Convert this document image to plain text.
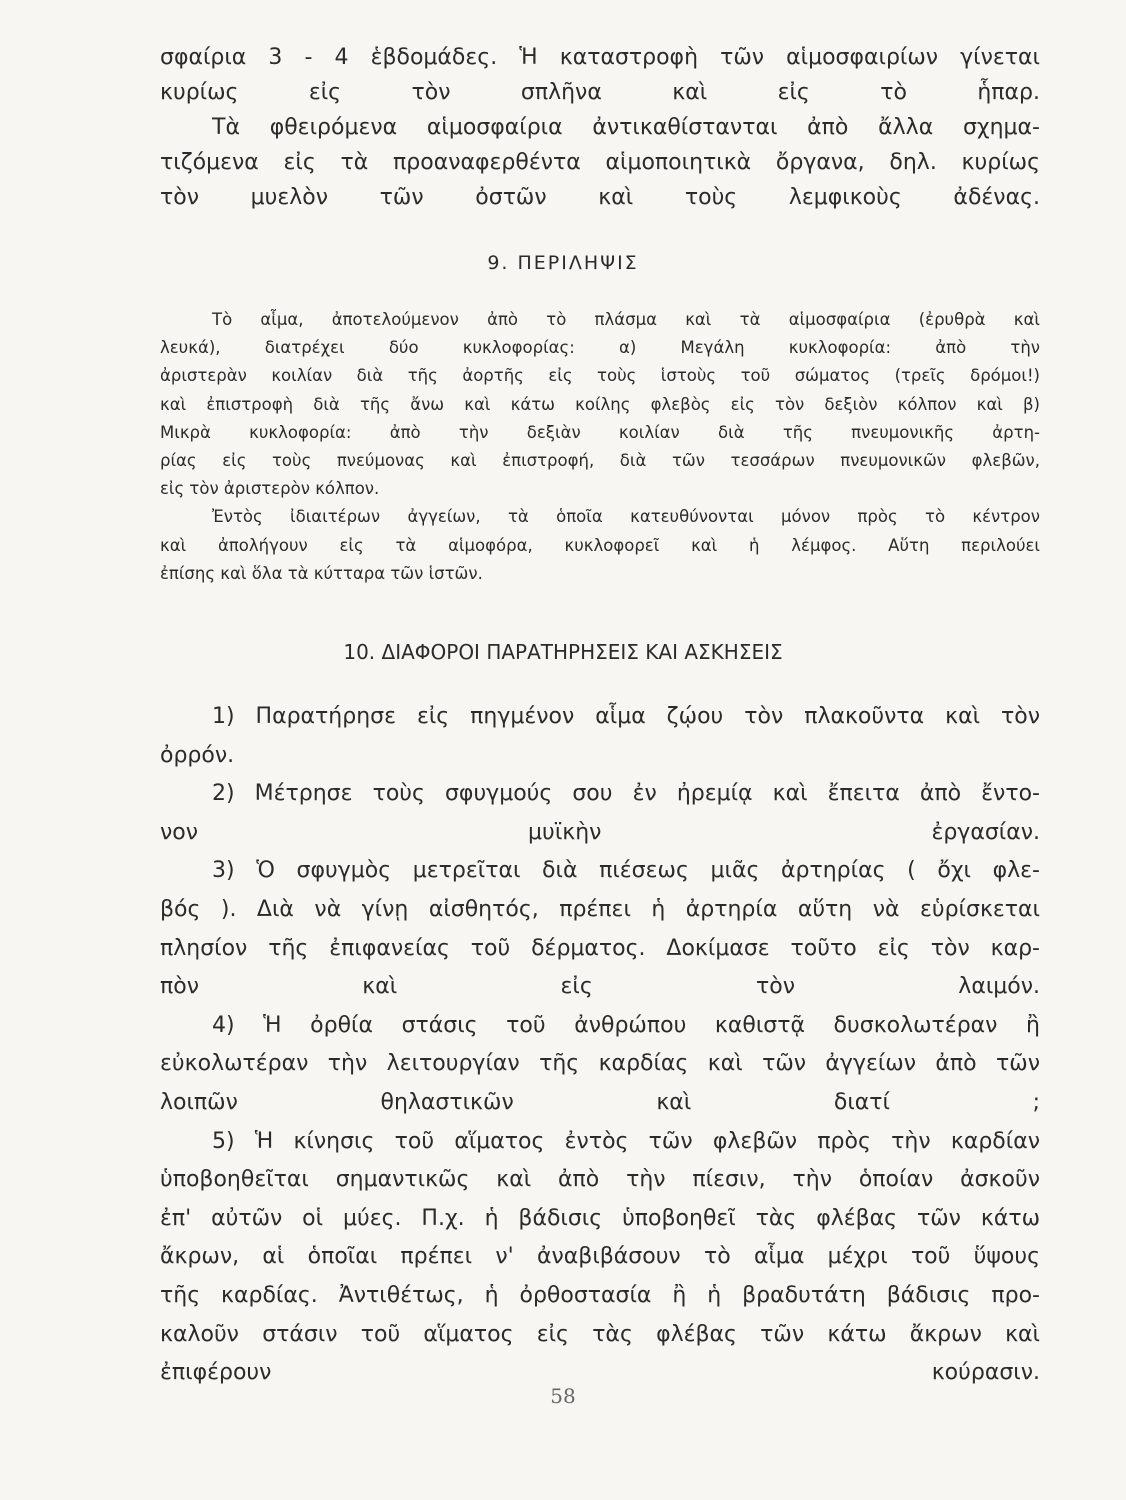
σφαίρια 3 - 4 ἑβδομάδες. Ἡ καταστροφὴ τῶν αἱμοσφαιρίων γίνεται
κυρίως εἰς τὸν σπλῆνα καὶ εἰς τὸ ἧπαρ.
Τὰ φθειρόμενα αἱμοσφαίρια ἀντικαθίστανται ἀπὸ ἄλλα σχημα-
τιζόμενα εἰς τὰ προαναφερθέντα αἱμοποιητικὰ ὄργανα, δηλ. κυρίως
τὸν μυελὸν τῶν ὀστῶν καὶ τοὺς λεμφικοὺς ἀδένας.
9. ΠΕΡΙΛΗΨΙΣ
Τὸ αἷμα, ἀποτελούμενον ἀπὸ τὸ πλάσμα καὶ τὰ αἱμοσφαίρια (ἐρυθρὰ καὶ
λευκά), διατρέχει δύο κυκλοφορίας: α) Μεγάλη κυκλοφορία: ἀπὸ τὴν
ἀριστερὰν κοιλίαν διὰ τῆς ἀορτῆς εἰς τοὺς ἱστοὺς τοῦ σώματος (τρεῖς δρόμοι!)
καὶ ἐπιστροφὴ διὰ τῆς ἄνω καὶ κάτω κοίλης φλεβὸς εἰς τὸν δεξιὸν κόλπον καὶ β)
Μικρὰ κυκλοφορία: ἀπὸ τὴν δεξιὰν κοιλίαν διὰ τῆς πνευμονικῆς ἀρτη-
ρίας εἰς τοὺς πνεύμονας καὶ ἐπιστροφή, διὰ τῶν τεσσάρων πνευμονικῶν φλεβῶν,
εἰς τὸν ἀριστερὸν κόλπον.
Ἐντὸς ἰδιαιτέρων ἀγγείων, τὰ ὁποῖα κατευθύνονται μόνον πρὸς τὸ κέντρον
καὶ ἀπολήγουν εἰς τὰ αἱμοφόρα, κυκλοφορεῖ καὶ ἡ λέμφος. Αὕτη περιλούει
ἐπίσης καὶ ὅλα τὰ κύτταρα τῶν ἱστῶν.
10. ΔΙΑΦΟΡΟΙ ΠΑΡΑΤΗΡΗΣΕΙΣ ΚΑΙ ΑΣΚΗΣΕΙΣ
1) Παρατήρησε εἰς πηγμένον αἷμα ζῴου τὸν πλακοῦντα καὶ τὸν
ὀρρόν.
2) Μέτρησε τοὺς σφυγμούς σου ἐν ἠρεμίᾳ καὶ ἔπειτα ἀπὸ ἔντο-
νον μυϊκὴν ἐργασίαν.
3) Ὁ σφυγμὸς μετρεῖται διὰ πιέσεως μιᾶς ἀρτηρίας ( ὄχι φλε-
βός ). Διὰ νὰ γίνῃ αἰσθητός, πρέπει ἡ ἀρτηρία αὕτη νὰ εὑρίσκεται
πλησίον τῆς ἐπιφανείας τοῦ δέρματος. Δοκίμασε τοῦτο εἰς τὸν καρ-
πὸν καὶ εἰς τὸν λαιμόν.
4) Ἡ ὀρθία στάσις τοῦ ἀνθρώπου καθιστᾷ δυσκολωτέραν ἢ
εὐκολωτέραν τὴν λειτουργίαν τῆς καρδίας καὶ τῶν ἀγγείων ἀπὸ τῶν
λοιπῶν θηλαστικῶν καὶ διατί ;
5) Ἡ κίνησις τοῦ αἵματος ἐντὸς τῶν φλεβῶν πρὸς τὴν καρδίαν
ὑποβοηθεῖται σημαντικῶς καὶ ἀπὸ τὴν πίεσιν, τὴν ὁποίαν ἀσκοῦν
ἐπ' αὐτῶν οἱ μύες. Π.χ. ἡ βάδισις ὑποβοηθεῖ τὰς φλέβας τῶν κάτω
ἄκρων, αἱ ὁποῖαι πρέπει ν' ἀναβιβάσουν τὸ αἷμα μέχρι τοῦ ὕψους
τῆς καρδίας. Ἀντιθέτως, ἡ ὀρθοστασία ἢ ἡ βραδυτάτη βάδισις προ-
καλοῦν στάσιν τοῦ αἵματος εἰς τὰς φλέβας τῶν κάτω ἄκρων καὶ
ἐπιφέρουν κούρασιν.
58
